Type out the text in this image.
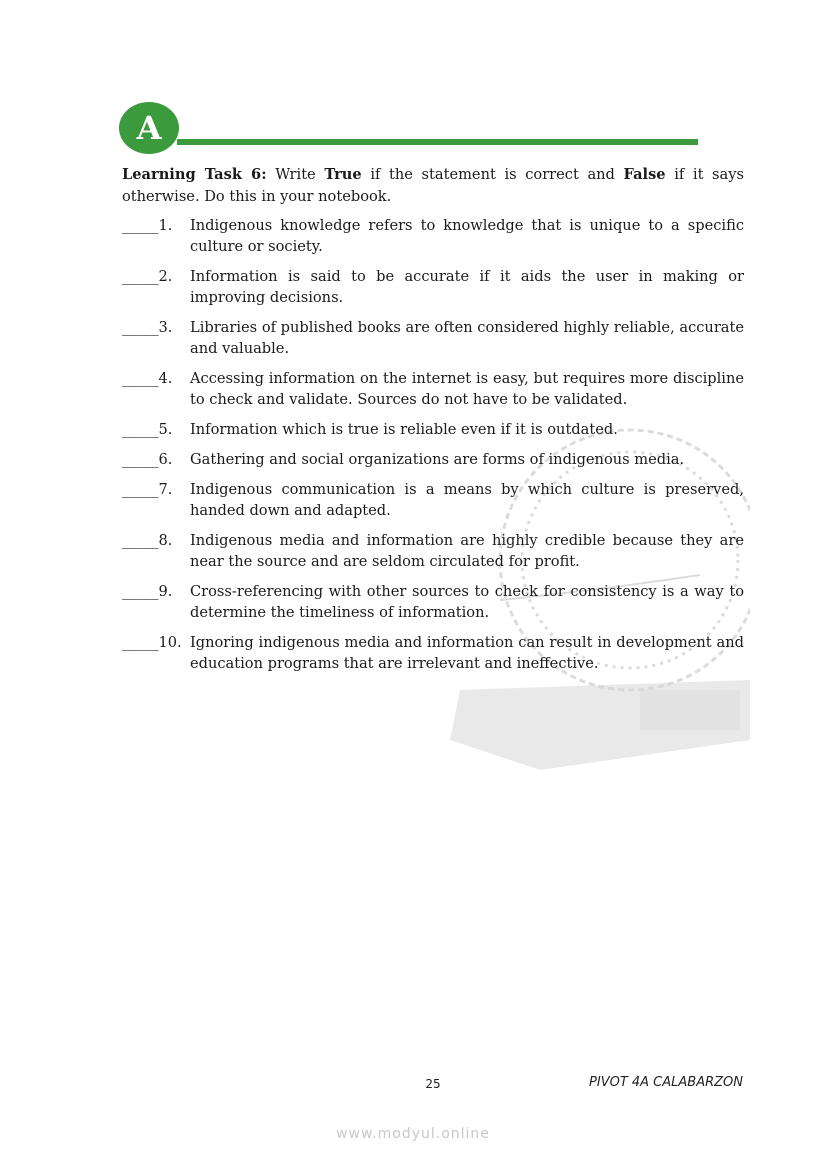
A
Learning Task 6: Write True if the statement is correct and False if it says otherwise. Do this in your notebook.
_____1.	Indigenous knowledge refers to knowledge that is unique to a specific culture or society.
_____2.	Information is said to be accurate if it aids the user in making or improving decisions.
_____3.	Libraries of published books are often considered highly reliable, accurate and valuable.
_____4.	Accessing information on the internet is easy, but requires more discipline to check and validate. Sources do not have to be validated.
_____5.	Information which is true is reliable even if it is outdated.
_____6.	Gathering and social organizations are forms of indigenous media.
_____7.	Indigenous communication is a means by which culture is preserved, handed down and adapted.
_____8.	Indigenous media and information are highly credible because they are near the source and are seldom circulated for profit.
_____9.	Cross-referencing with other sources to check for consistency is a way to determine the timeliness of information.
_____10. Ignoring indigenous media and information can result in development and education programs that are irrelevant and ineffective.
25	PIVOT 4A CALABARZON
www.modyul.online
